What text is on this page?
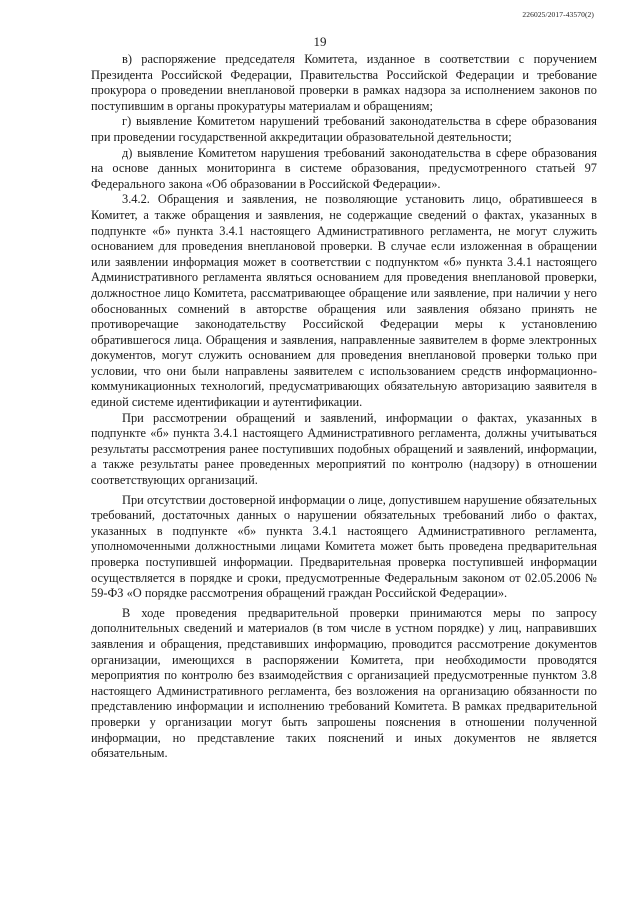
226025/2017-43570(2)
19

в) распоряжение председателя Комитета, изданное в соответствии с поручением Президента Российской Федерации, Правительства Российской Федерации и требование прокурора о проведении внеплановой проверки в рамках надзора за исполнением законов по поступившим в органы прокуратуры материалам и обращениям;

г) выявление Комитетом нарушений требований законодательства в сфере образования при проведении государственной аккредитации образовательной деятельности;

д) выявление Комитетом нарушения требований законодательства в сфере образования на основе данных мониторинга в системе образования, предусмотренного статьей 97 Федерального закона «Об образовании в Российской Федерации».

3.4.2. Обращения и заявления, не позволяющие установить лицо, обратившееся в Комитет, а также обращения и заявления, не содержащие сведений о фактах, указанных в подпункте «б» пункта 3.4.1 настоящего Административного регламента, не могут служить основанием для проведения внеплановой проверки. В случае если изложенная в обращении или заявлении информация может в соответствии с подпунктом «б» пункта 3.4.1 настоящего Административного регламента являться основанием для проведения внеплановой проверки, должностное лицо Комитета, рассматривающее обращение или заявление, при наличии у него обоснованных сомнений в авторстве обращения или заявления обязано принять не противоречащие законодательству Российской Федерации меры к установлению обратившегося лица. Обращения и заявления, направленные заявителем в форме электронных документов, могут служить основанием для проведения внеплановой проверки только при условии, что они были направлены заявителем с использованием средств информационно-коммуникационных технологий, предусматривающих обязательную авторизацию заявителя в единой системе идентификации и аутентификации.

При рассмотрении обращений и заявлений, информации о фактах, указанных в подпункте «б» пункта 3.4.1 настоящего Административного регламента, должны учитываться результаты рассмотрения ранее поступивших подобных обращений и заявлений, информации, а также результаты ранее проведенных мероприятий по контролю (надзору) в отношении соответствующих организаций.

При отсутствии достоверной информации о лице, допустившем нарушение обязательных требований, достаточных данных о нарушении обязательных требований либо о фактах, указанных в подпункте «б» пункта 3.4.1 настоящего Административного регламента, уполномоченными должностными лицами Комитета может быть проведена предварительная проверка поступившей информации. Предварительная проверка поступившей информации осуществляется в порядке и сроки, предусмотренные Федеральным законом от 02.05.2006 № 59-ФЗ «О порядке рассмотрения обращений граждан Российской Федерации».

В ходе проведения предварительной проверки принимаются меры по запросу дополнительных сведений и материалов (в том числе в устном порядке) у лиц, направивших заявления и обращения, представивших информацию, проводится рассмотрение документов организации, имеющихся в распоряжении Комитета, при необходимости проводятся мероприятия по контролю без взаимодействия с организацией предусмотренные пунктом 3.8 настоящего Административного регламента, без возложения на организацию обязанности по представлению информации и исполнению требований Комитета. В рамках предварительной проверки у организации могут быть запрошены пояснения в отношении полученной информации, но представление таких пояснений и иных документов не является обязательным.
